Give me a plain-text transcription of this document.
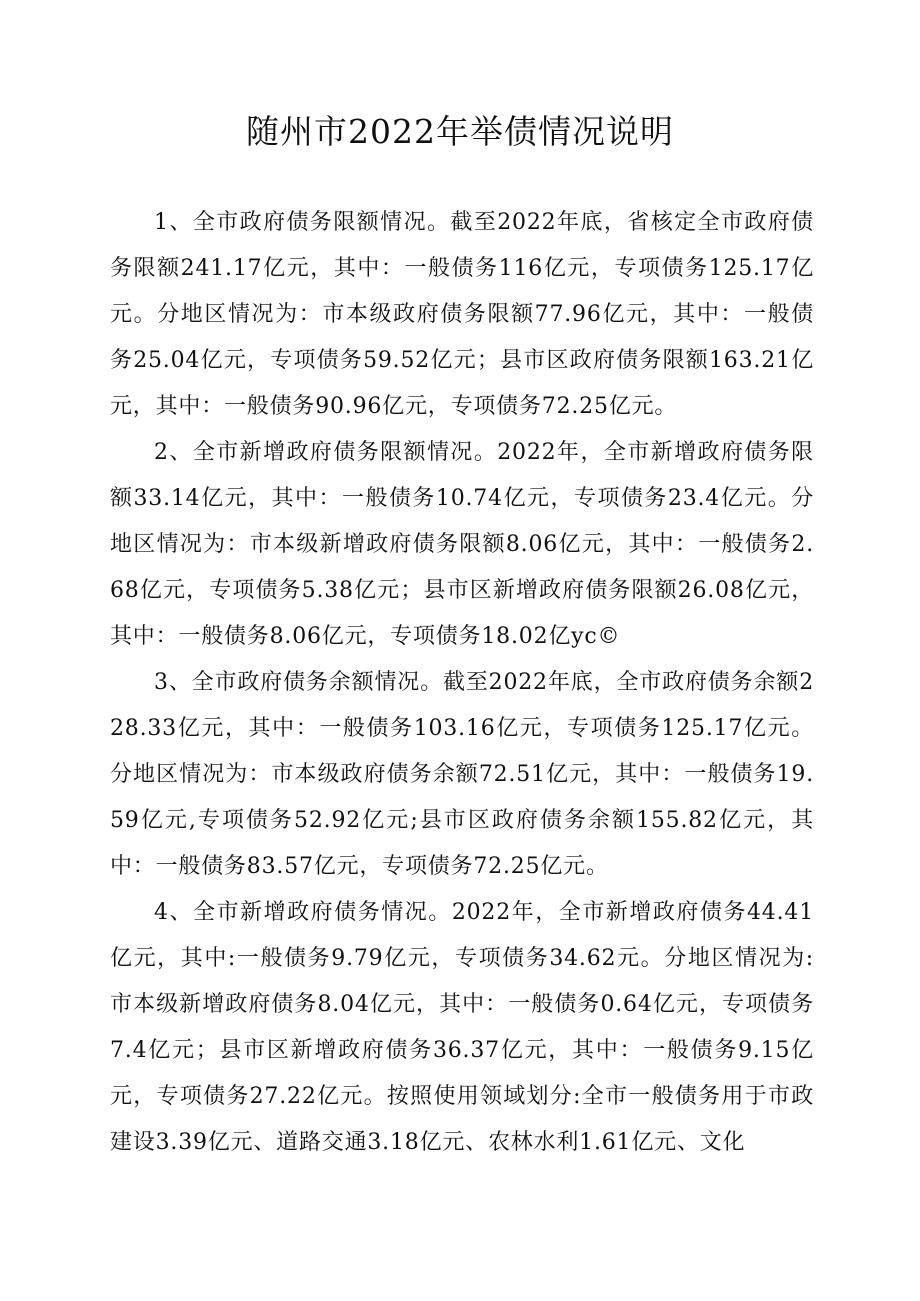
随州市2022年举债情况说明

1、全市政府债务限额情况。截至2022年底，省核定全市政府债务限额241.17亿元，其中：一般债务116亿元，专项债务125.17亿元。分地区情况为：市本级政府债务限额77.96亿元，其中：一般债务25.04亿元，专项债务59.52亿元；县市区政府债务限额163.21亿元，其中：一般债务90.96亿元，专项债务72.25亿元。

2、全市新增政府债务限额情况。2022年，全市新增政府债务限额33.14亿元，其中：一般债务10.74亿元，专项债务23.4亿元。分地区情况为：市本级新增政府债务限额8.06亿元，其中：一般债务2.68亿元，专项债务5.38亿元；县市区新增政府债务限额26.08亿元，其中：一般债务8.06亿元，专项债务18.02亿yc©

3、全市政府债务余额情况。截至2022年底，全市政府债务余额228.33亿元，其中：一般债务103.16亿元，专项债务125.17亿元。分地区情况为：市本级政府债务余额72.51亿元，其中：一般债务19.59亿元,专项债务52.92亿元;县市区政府债务余额155.82亿元，其中：一般债务83.57亿元，专项债务72.25亿元。

4、全市新增政府债务情况。2022年，全市新增政府债务44.41亿元，其中:一般债务9.79亿元，专项债务34.62元。分地区情况为:市本级新增政府债务8.04亿元，其中：一般债务0.64亿元，专项债务7.4亿元；县市区新增政府债务36.37亿元，其中：一般债务9.15亿元，专项债务27.22亿元。按照使用领域划分:全市一般债务用于市政建设3.39亿元、道路交通3.18亿元、农林水利1.61亿元、文化
